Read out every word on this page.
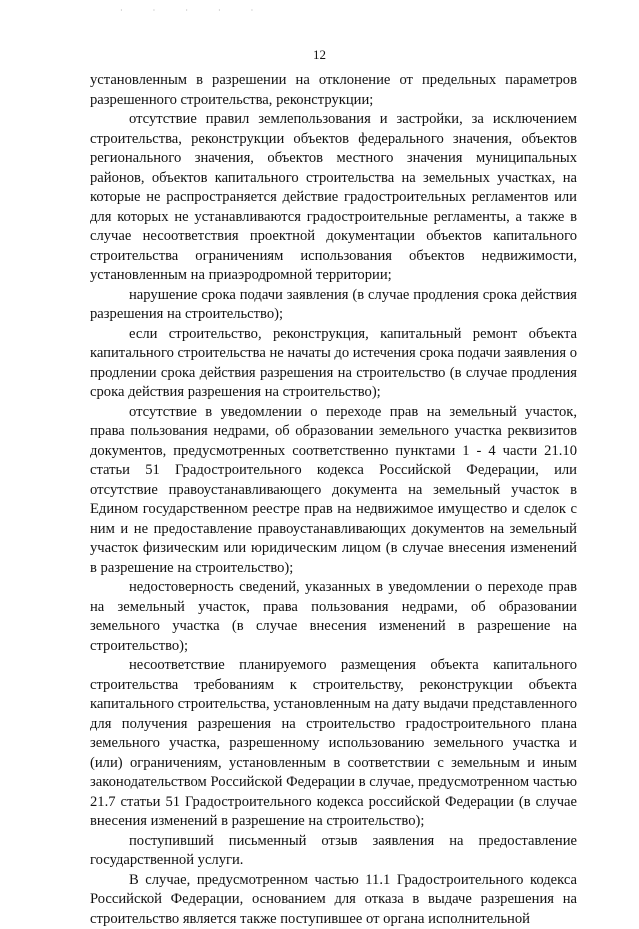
· · · · ·
12

установленным в разрешении на отклонение от предельных параметров разрешенного строительства, реконструкции;

отсутствие правил землепользования и застройки, за исключением строительства, реконструкции объектов федерального значения, объектов регионального значения, объектов местного значения муниципальных районов, объектов капитального строительства на земельных участках, на которые не распространяется действие градостроительных регламентов или для которых не устанавливаются градостроительные регламенты, а также в случае несоответствия проектной документации объектов капитального строительства ограничениям использования объектов недвижимости, установленным на приаэродромной территории;

нарушение срока подачи заявления (в случае продления срока действия разрешения на строительство);

если строительство, реконструкция, капитальный ремонт объекта капитального строительства не начаты до истечения срока подачи заявления о продлении срока действия разрешения на строительство (в случае продления срока действия разрешения на строительство);

отсутствие в уведомлении о переходе прав на земельный участок, права пользования недрами, об образовании земельного участка реквизитов документов, предусмотренных соответственно пунктами 1 - 4 части 21.10 статьи 51 Градостроительного кодекса Российской Федерации, или отсутствие правоустанавливающего документа на земельный участок в Едином государственном реестре прав на недвижимое имущество и сделок с ним и не предоставление правоустанавливающих документов на земельный участок физическим или юридическим лицом (в случае внесения изменений в разрешение на строительство);

недостоверность сведений, указанных в уведомлении о переходе прав на земельный участок, права пользования недрами, об образовании земельного участка (в случае внесения изменений в разрешение на строительство);

несоответствие планируемого размещения объекта капитального строительства требованиям к строительству, реконструкции объекта капитального строительства, установленным на дату выдачи представленного для получения разрешения на строительство градостроительного плана земельного участка, разрешенному использованию земельного участка и (или) ограничениям, установленным в соответствии с земельным и иным законодательством Российской Федерации в случае, предусмотренном частью 21.7 статьи 51 Градостроительного кодекса российской Федерации (в случае внесения изменений в разрешение на строительство);

поступивший письменный отзыв заявления на предоставление государственной услуги.

В случае, предусмотренном частью 11.1 Градостроительного кодекса Российской Федерации, основанием для отказа в выдаче разрешения на строительство является также поступившее от органа исполнительной
